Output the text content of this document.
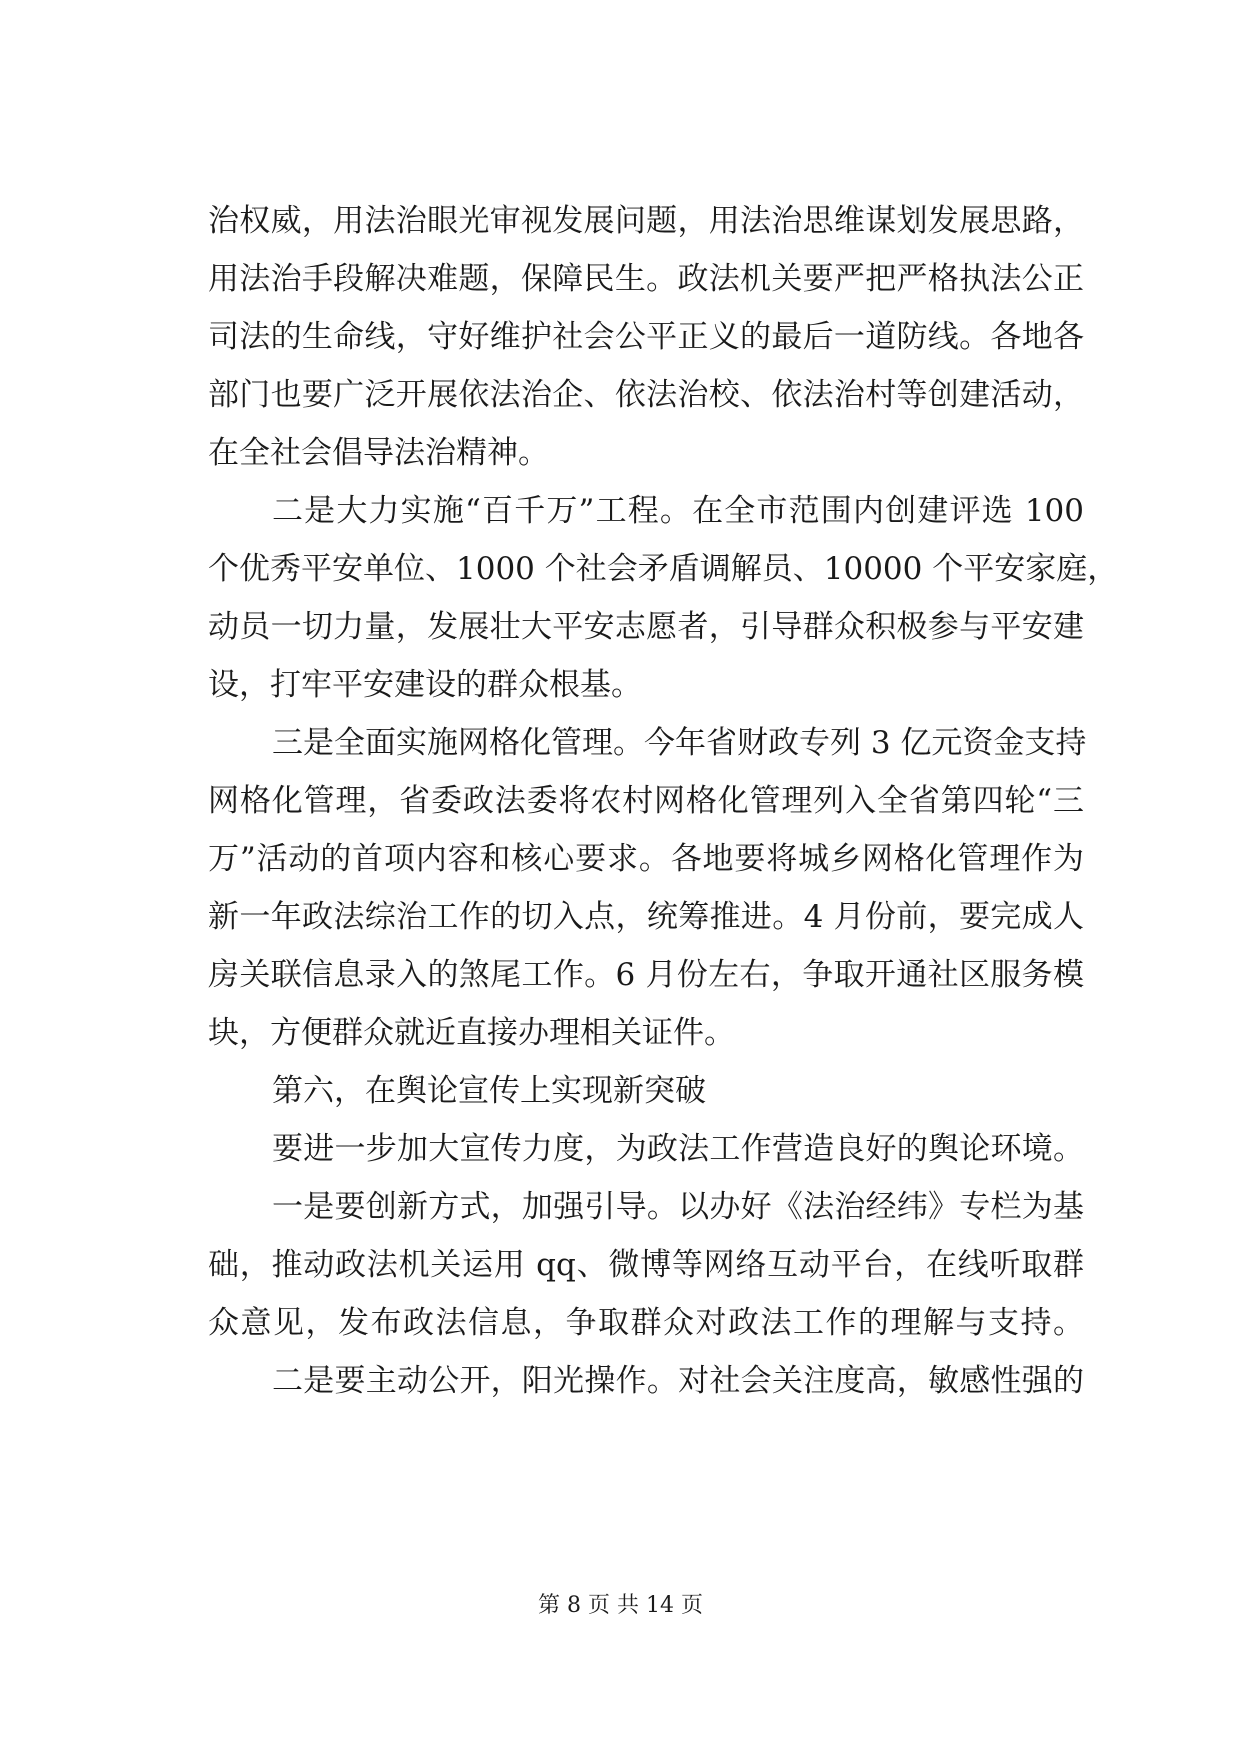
治权威，用法治眼光审视发展问题，用法治思维谋划发展思路，
用法治手段解决难题，保障民生。政法机关要严把严格执法公正
司法的生命线，守好维护社会公平正义的最后一道防线。各地各
部门也要广泛开展依法治企、依法治校、依法治村等创建活动，
在全社会倡导法治精神。
二是大力实施“百千万”工程。在全市范围内创建评选 100
个优秀平安单位、1000 个社会矛盾调解员、10000 个平安家庭，
动员一切力量，发展壮大平安志愿者，引导群众积极参与平安建
设，打牢平安建设的群众根基。
三是全面实施网格化管理。今年省财政专列 3 亿元资金支持
网格化管理，省委政法委将农村网格化管理列入全省第四轮“三
万”活动的首项内容和核心要求。各地要将城乡网格化管理作为
新一年政法综治工作的切入点，统筹推进。4 月份前，要完成人
房关联信息录入的煞尾工作。6 月份左右，争取开通社区服务模
块，方便群众就近直接办理相关证件。
第六，在舆论宣传上实现新突破
要进一步加大宣传力度，为政法工作营造良好的舆论环境。
一是要创新方式，加强引导。以办好《法治经纬》专栏为基
础，推动政法机关运用 qq、微博等网络互动平台，在线听取群
众意见，发布政法信息，争取群众对政法工作的理解与支持。
二是要主动公开，阳光操作。对社会关注度高，敏感性强的
第 8 页 共 14 页
